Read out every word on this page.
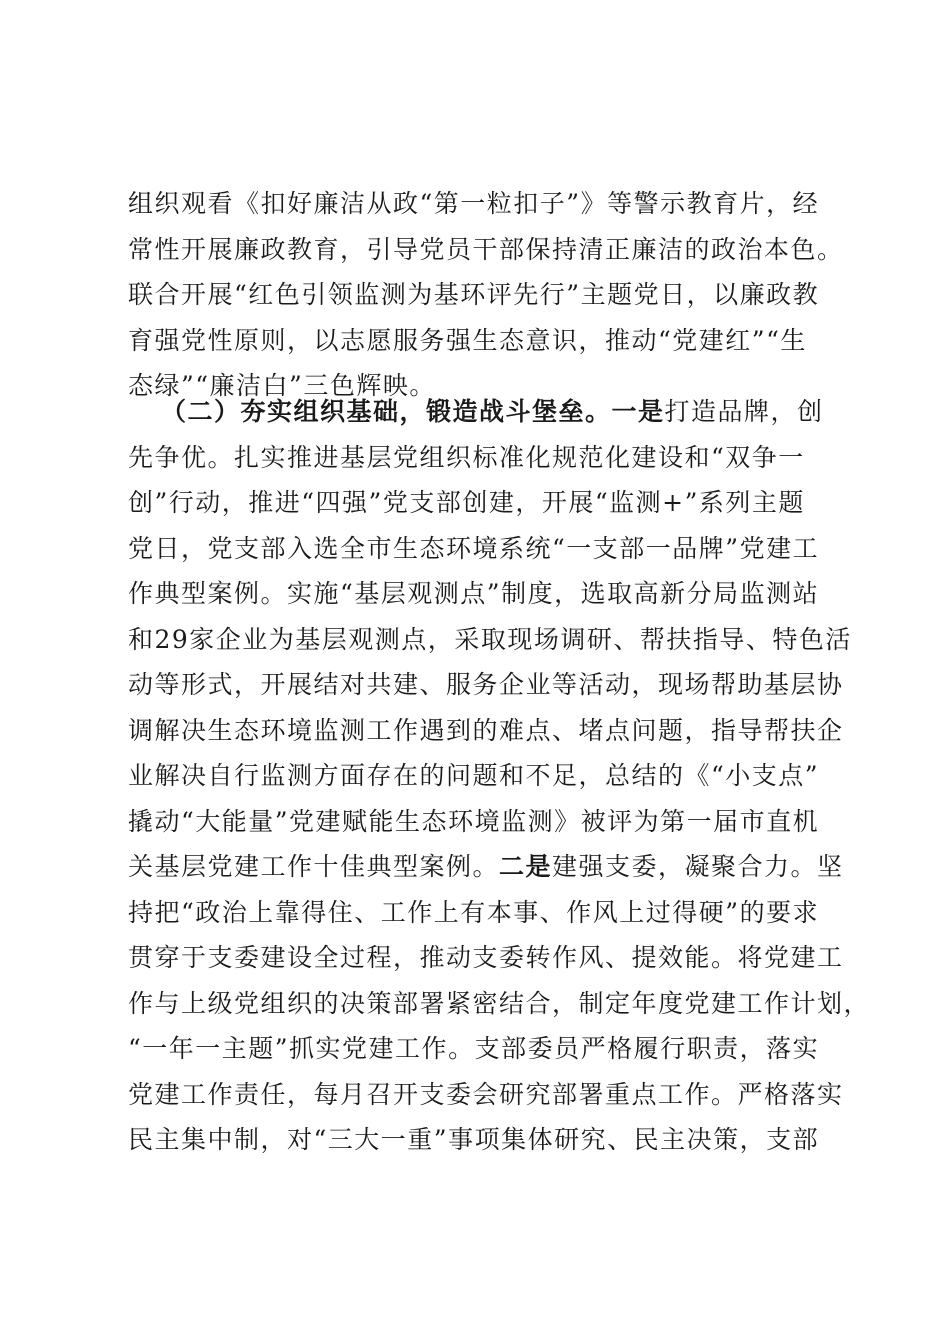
组织观看《扣好廉洁从政“第一粒扣子”》等警示教育片，经
常性开展廉政教育，引导党员干部保持清正廉洁的政治本色。
联合开展“红色引领监测为基环评先行”主题党日，以廉政教
育强党性原则，以志愿服务强生态意识，推动“党建红”“生
态绿”“廉洁白”三色辉映。
（二）夯实组织基础，锻造战斗堡垒。一是打造品牌，创
先争优。扎实推进基层党组织标准化规范化建设和“双争一
创”行动，推进“四强”党支部创建，开展“监测+”系列主题
党日，党支部入选全市生态环境系统“一支部一品牌”党建工
作典型案例。实施“基层观测点”制度，选取高新分局监测站
和29家企业为基层观测点，采取现场调研、帮扶指导、特色活
动等形式，开展结对共建、服务企业等活动，现场帮助基层协
调解决生态环境监测工作遇到的难点、堵点问题，指导帮扶企
业解决自行监测方面存在的问题和不足，总结的《“小支点”
撬动“大能量”党建赋能生态环境监测》被评为第一届市直机
关基层党建工作十佳典型案例。二是建强支委，凝聚合力。坚
持把“政治上靠得住、工作上有本事、作风上过得硬”的要求
贯穿于支委建设全过程，推动支委转作风、提效能。将党建工
作与上级党组织的决策部署紧密结合，制定年度党建工作计划，
“一年一主题”抓实党建工作。支部委员严格履行职责，落实
党建工作责任，每月召开支委会研究部署重点工作。严格落实
民主集中制，对“三大一重”事项集体研究、民主决策，支部
